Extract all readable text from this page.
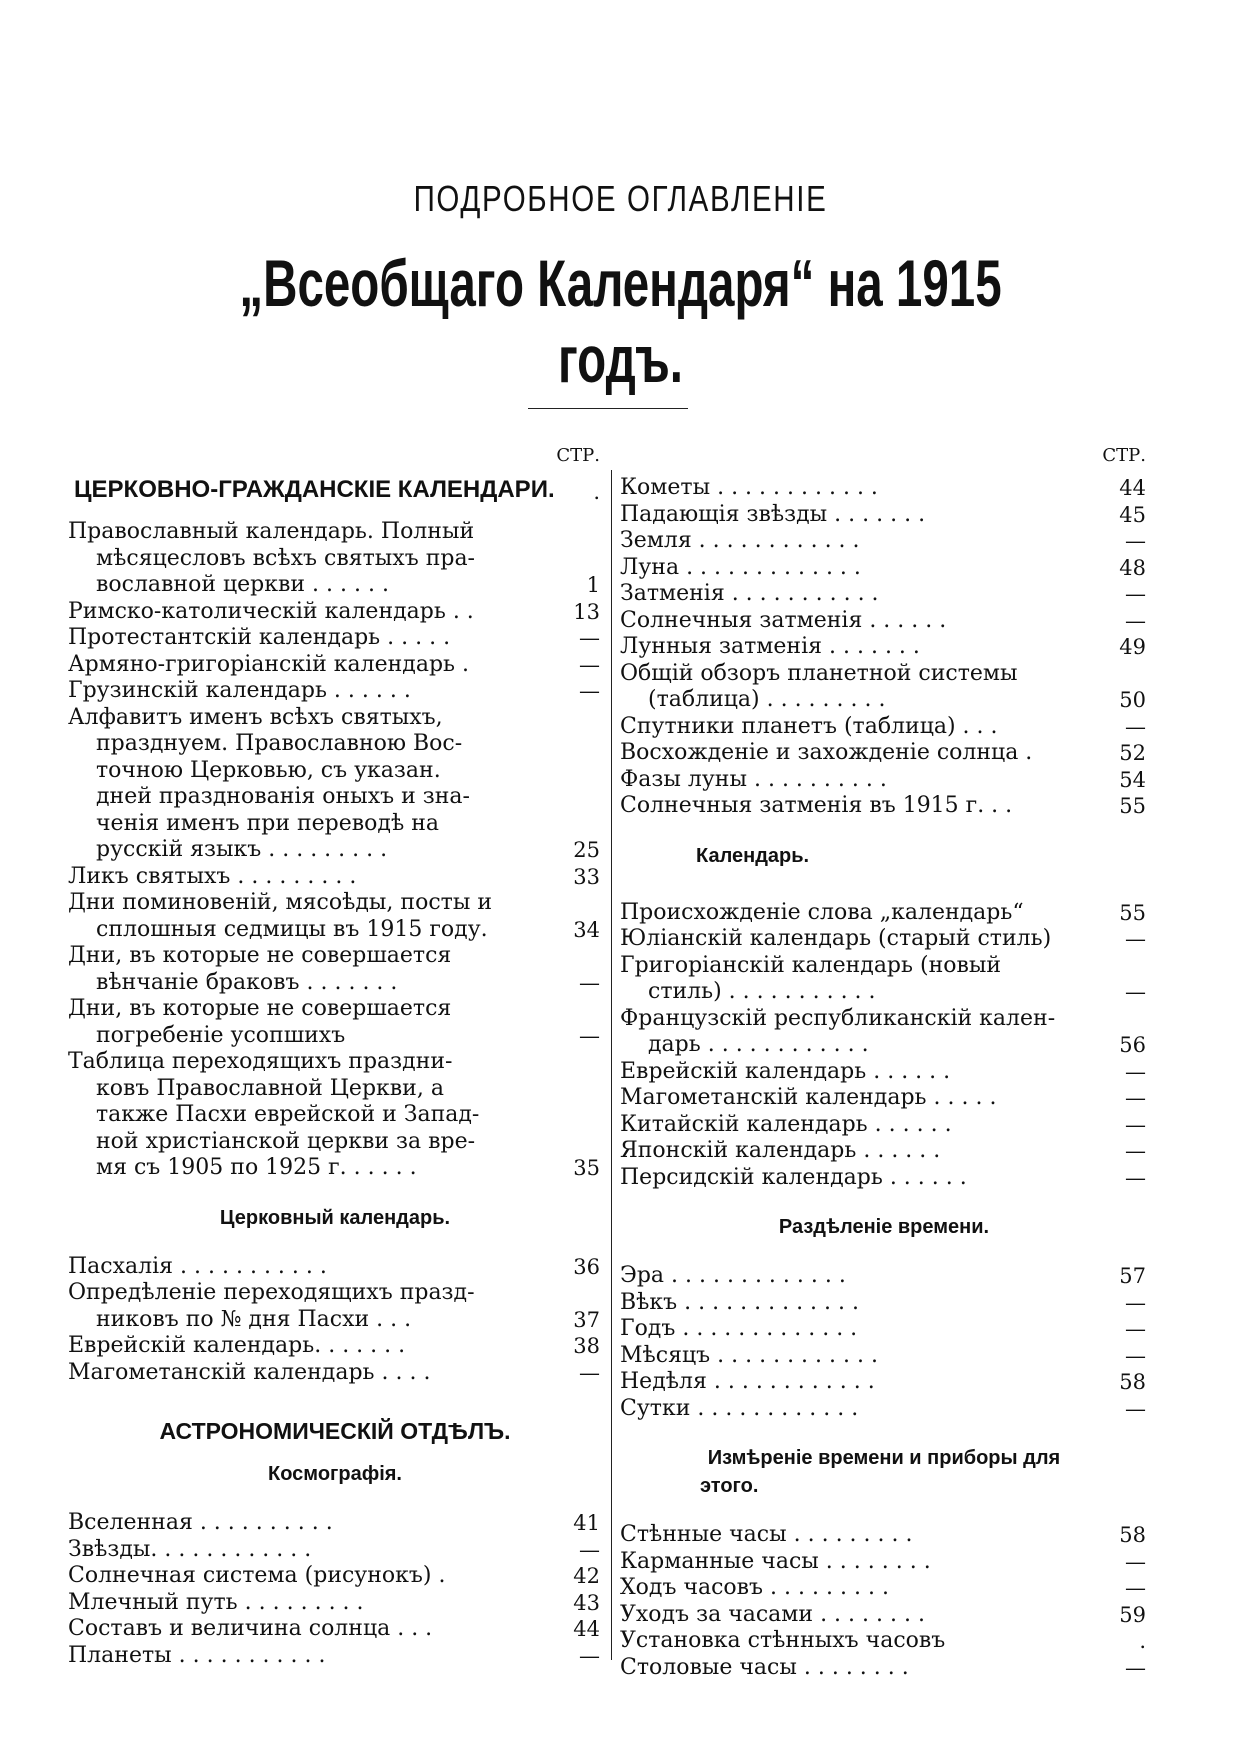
ПОДРОБНОЕ ОГЛАВЛЕНІЕ
„Всеобщаго Календаря“ на 1915 годъ.
СТР.
ЦЕРКОВНО-ГРАЖДАНСКІЕ КАЛЕНДАРИ.	.
Православный календарь. Полный
мѣсяцесловъ всѣхъ святыхъ пра-
вославной церкви . . . . . .	1
Римско-католическій календарь . .	13
Протестантскій календарь . . . . .	—
Армяно-григоріанскій календарь .	—
Грузинскій календарь . . . . . .	—
Алфавитъ именъ всѣхъ святыхъ,
празднуем. Православною Вос-
точною Церковью, съ указан.
дней празднованія оныхъ и зна-
ченія именъ при переводѣ на
русскій языкъ . . . . . . . . .	25
Ликъ святыхъ . . . . . . . . .	33
Дни поминовеній, мясоѣды, посты и
сплошныя седмицы въ 1915 году.	34
Дни, въ которые не совершается
вѣнчаніе браковъ . . . . . . .	—
Дни, въ которые не совершается
погребеніе усопшихъ	—
Таблица переходящихъ праздни-
ковъ Православной Церкви, а
также Пасхи еврейской и Запад-
ной христіанской церкви за вре-
мя съ 1905 по 1925 г. . . . . .	35
Церковный календарь.
Пасхалія . . . . . . . . . . .	36
Опредѣленіе переходящихъ празд-
никовъ по № дня Пасхи . . .	37
Еврейскій календарь. . . . . . .	38
Магометанскій календарь . . . .	—
АСТРОНОМИЧЕСКІЙ ОТДѢЛЪ.
Космографія.
Вселенная . . . . . . . . . .	41
Звѣзды. . . . . . . . . . . .	—
Солнечная система (рисунокъ) .	42
Млечный путь . . . . . . . . .	43
Составъ и величина солнца . . .	44
Планеты . . . . . . . . . . .	—
СТР.
Кометы . . . . . . . . . . . .	44
Падающія звѣзды . . . . . . .	45
Земля . . . . . . . . . . . .	—
Луна . . . . . . . . . . . . .	48
Затменія . . . . . . . . . . .	—
Солнечныя затменія . . . . . .	—
Лунныя затменія . . . . . . .	49
Общій обзоръ планетной системы
(таблица) . . . . . . . . .	50
Спутники планетъ (таблица) . . .	—
Восхожденіе и захожденіе солнца .	52
Фазы луны . . . . . . . . . .	54
Солнечныя затменія въ 1915 г. . .	55
Календарь.
Происхожденіе слова „календарь“	55
Юліанскій календарь (старый стиль)	—
Григоріанскій календарь (новый
стиль) . . . . . . . . . . .	—
Французскій республиканскій кален-
дарь . . . . . . . . . . . .	56
Еврейскій календарь . . . . . .	—
Магометанскій календарь . . . . .	—
Китайскій календарь . . . . . .	—
Японскій календарь . . . . . .	—
Персидскій календарь . . . . . .	—
Раздѣленіе времени.
Эра . . . . . . . . . . . . .	57
Вѣкъ . . . . . . . . . . . . .	—
Годъ . . . . . . . . . . . . .	—
Мѣсяцъ . . . . . . . . . . . .	—
Недѣля . . . . . . . . . . . .	58
Сутки . . . . . . . . . . . .	—
Измѣреніе времени и приборы для
этого.
Стѣнные часы . . . . . . . . .	58
Карманные часы . . . . . . . .	—
Ходъ часовъ . . . . . . . . .	—
Уходъ за часами . . . . . . . .	59
Установка стѣнныхъ часовъ	.
Столовые часы . . . . . . . .	—
